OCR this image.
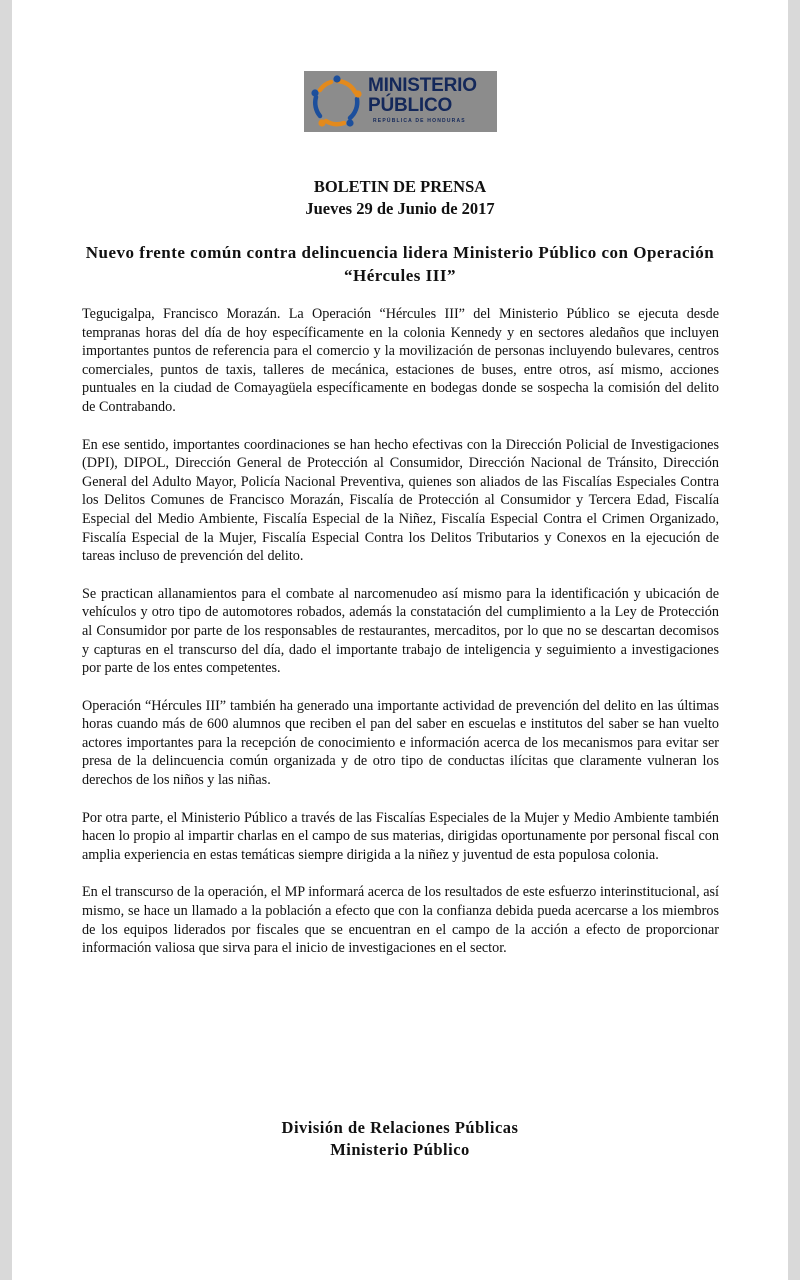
MINISTERIO
PÚBLICO
REPÚBLICA DE HONDURAS
BOLETIN DE PRENSA
Jueves 29 de Junio de 2017
Nuevo frente común contra delincuencia lidera Ministerio Público con Operación “Hércules III”

Tegucigalpa, Francisco Morazán. La Operación “Hércules III” del Ministerio Público se ejecuta desde tempranas horas del día de hoy específicamente en la colonia Kennedy y en sectores aledaños que incluyen importantes puntos de referencia para el comercio y la movilización de personas incluyendo bulevares, centros comerciales, puntos de taxis, talleres de mecánica, estaciones de buses, entre otros, así mismo, acciones puntuales en la ciudad de Comayagüela específicamente en bodegas donde se sospecha la comisión del delito de Contrabando.

En ese sentido, importantes coordinaciones se han hecho efectivas con la Dirección Policial de Investigaciones (DPI), DIPOL, Dirección General de Protección al Consumidor, Dirección Nacional de Tránsito, Dirección General del Adulto Mayor, Policía Nacional Preventiva, quienes son aliados de las Fiscalías Especiales Contra los Delitos Comunes de Francisco Morazán, Fiscalía de Protección al Consumidor y Tercera Edad, Fiscalía Especial del Medio Ambiente, Fiscalía Especial de la Niñez, Fiscalía Especial Contra el Crimen Organizado, Fiscalía Especial de la Mujer, Fiscalía Especial Contra los Delitos Tributarios y Conexos en la ejecución de tareas incluso de prevención del delito.

Se practican allanamientos para el combate al narcomenudeo así mismo para la identificación y ubicación de vehículos y otro tipo de automotores robados, además la constatación del cumplimiento a la Ley de Protección al Consumidor por parte de los responsables de restaurantes, mercaditos, por lo que no se descartan decomisos y capturas en el transcurso del día, dado el importante trabajo de inteligencia y seguimiento a investigaciones por parte de los entes competentes.

Operación “Hércules III” también ha generado una importante actividad de prevención del delito en las últimas horas cuando más de 600 alumnos que reciben el pan del saber en escuelas e institutos del saber se han vuelto actores importantes para la recepción de conocimiento e información acerca de los mecanismos para evitar ser presa de la delincuencia común organizada y de otro tipo de conductas ilícitas que claramente vulneran los derechos de los niños y las niñas.

Por otra parte, el Ministerio Público a través de las Fiscalías Especiales de la Mujer y Medio Ambiente también hacen lo propio al impartir charlas en el campo de sus materias, dirigidas oportunamente por personal fiscal con amplia experiencia en estas temáticas siempre dirigida a la niñez y juventud de esta populosa colonia.

En el transcurso de la operación, el MP informará acerca de los resultados de este esfuerzo interinstitucional, así mismo, se hace un llamado a la población a efecto que con la confianza debida pueda acercarse a los miembros de los equipos liderados por fiscales que se encuentran en el campo de la acción a efecto de proporcionar información valiosa que sirva para el inicio de investigaciones en el sector.

División de Relaciones Públicas
Ministerio Público
